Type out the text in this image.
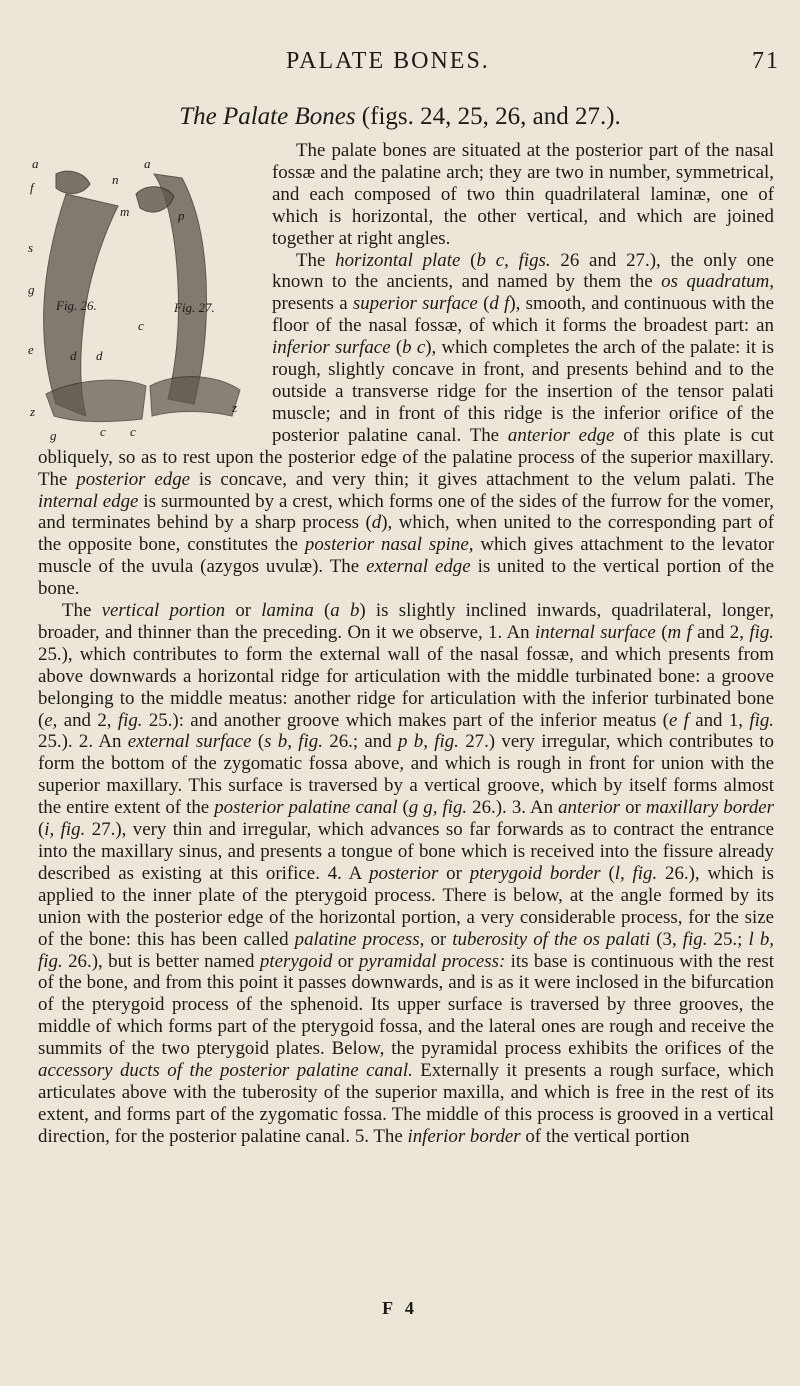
PALATE BONES.	71
The Palate Bones (figs. 24, 25, 26, and 27.).
a
n
a
f
m	p
s
g
Fig. 26.	Fig. 27.
c
e	d d
z
z
g	c c

The palate bones are situated at the posterior part of the nasal fossæ and the palatine arch; they are two in number, symmetrical, and each composed of two thin quadrilateral laminæ, one of which is horizontal, the other vertical, and which are joined together at right angles.

The horizontal plate (b c, figs. 26 and 27.), the only one known to the ancients, and named by them the os quadratum, presents a superior surface (d f), smooth, and continuous with the floor of the nasal fossæ, of which it forms the broadest part: an inferior surface (b c), which completes the arch of the palate: it is rough, slightly concave in front, and presents behind and to the outside a transverse ridge for the insertion of the tensor palati muscle; and in front of this ridge is the inferior orifice of the posterior palatine canal. The anterior edge of this plate is cut obliquely, so as to rest upon the posterior edge of the palatine process of the superior maxillary. The posterior edge is concave, and very thin; it gives attachment to the velum palati. The internal edge is surmounted by a crest, which forms one of the sides of the furrow for the vomer, and terminates behind by a sharp process (d), which, when united to the corresponding part of the opposite bone, constitutes the posterior nasal spine, which gives attachment to the levator muscle of the uvula (azygos uvulæ). The external edge is united to the vertical portion of the bone.

The vertical portion or lamina (a b) is slightly inclined inwards, quadrilateral, longer, broader, and thinner than the preceding. On it we observe, 1. An internal surface (m f and 2, fig. 25.), which contributes to form the external wall of the nasal fossæ, and which presents from above downwards a horizontal ridge for articulation with the middle turbinated bone: a groove belonging to the middle meatus: another ridge for articulation with the inferior turbinated bone (e, and 2, fig. 25.): and another groove which makes part of the inferior meatus (e f and 1, fig. 25.). 2. An external surface (s b, fig. 26.; and p b, fig. 27.) very irregular, which contributes to form the bottom of the zygomatic fossa above, and which is rough in front for union with the superior maxillary. This surface is traversed by a vertical groove, which by itself forms almost the entire extent of the posterior palatine canal (g g, fig. 26.). 3. An anterior or maxillary border (i, fig. 27.), very thin and irregular, which advances so far forwards as to contract the entrance into the maxillary sinus, and presents a tongue of bone which is received into the fissure already described as existing at this orifice. 4. A posterior or pterygoid border (l, fig. 26.), which is applied to the inner plate of the pterygoid process. There is below, at the angle formed by its union with the posterior edge of the horizontal portion, a very considerable process, for the size of the bone: this has been called palatine process, or tuberosity of the os palati (3, fig. 25.; l b, fig. 26.), but is better named pterygoid or pyramidal process: its base is continuous with the rest of the bone, and from this point it passes downwards, and is as it were inclosed in the bifurcation of the pterygoid process of the sphenoid. Its upper surface is traversed by three grooves, the middle of which forms part of the pterygoid fossa, and the lateral ones are rough and receive the summits of the two pterygoid plates. Below, the pyramidal process exhibits the orifices of the accessory ducts of the posterior palatine canal. Externally it presents a rough surface, which articulates above with the tuberosity of the superior maxilla, and which is free in the rest of its extent, and forms part of the zygomatic fossa. The middle of this process is grooved in a vertical direction, for the posterior palatine canal. 5. The inferior border of the vertical portion

F 4
